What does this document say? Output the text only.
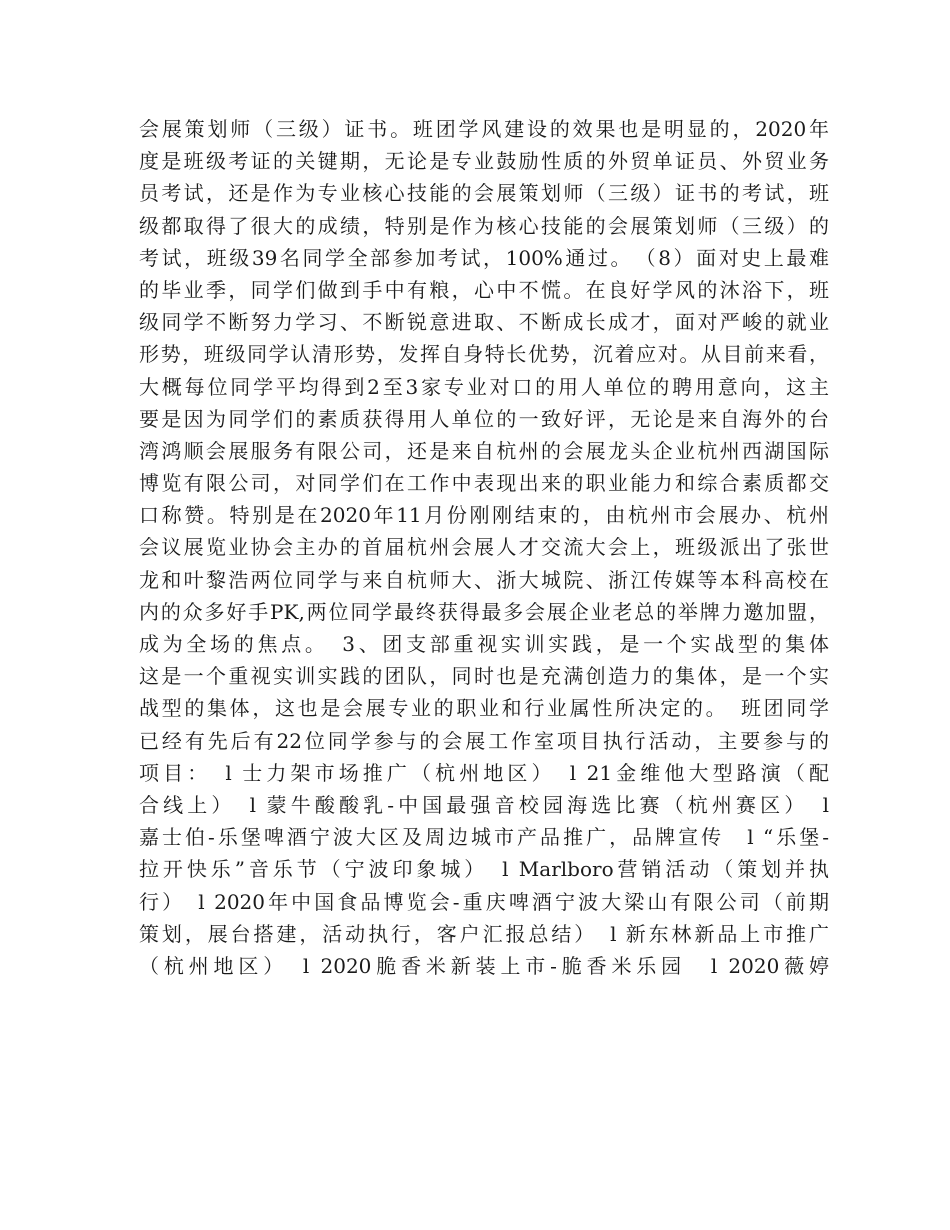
会展策划师（三级）证书。班团学风建设的效果也是明显的，2020年
度是班级考证的关键期，无论是专业鼓励性质的外贸单证员、外贸业务
员考试，还是作为专业核心技能的会展策划师（三级）证书的考试，班
级都取得了很大的成绩，特别是作为核心技能的会展策划师（三级）的
考试，班级39名同学全部参加考试，100%通过。　（8）面对史上最难
的毕业季，同学们做到手中有粮，心中不慌。在良好学风的沐浴下，班
级同学不断努力学习、不断锐意进取、不断成长成才，面对严峻的就业
形势，班级同学认清形势，发挥自身特长优势，沉着应对。从目前来看，
大概每位同学平均得到2至3家专业对口的用人单位的聘用意向，这主
要是因为同学们的素质获得用人单位的一致好评，无论是来自海外的台
湾鸿顺会展服务有限公司，还是来自杭州的会展龙头企业杭州西湖国际
博览有限公司，对同学们在工作中表现出来的职业能力和综合素质都交
口称赞。特别是在2020年11月份刚刚结束的，由杭州市会展办、杭州
会议展览业协会主办的首届杭州会展人才交流大会上，班级派出了张世
龙和叶黎浩两位同学与来自杭师大、浙大城院、浙江传媒等本科高校在
内的众多好手PK,两位同学最终获得最多会展企业老总的举牌力邀加盟，
成为全场的焦点。　3、团支部重视实训实践，是一个实战型的集体
这是一个重视实训实践的团队，同时也是充满创造力的集体，是一个实
战型的集体，这也是会展专业的职业和行业属性所决定的。　班团同学
已经有先后有22位同学参与的会展工作室项目执行活动，主要参与的
项目：　l 士力架市场推广（杭州地区）　l 21金维他大型路演（配
合线上）　l 蒙牛酸酸乳-中国最强音校园海选比赛（杭州赛区）　l
嘉士伯-乐堡啤酒宁波大区及周边城市产品推广，品牌宣传　l “乐堡-
拉开快乐”音乐节（宁波印象城）　l Marlboro营销活动（策划并执
行）　l 2020年中国食品博览会-重庆啤酒宁波大梁山有限公司（前期
策划，展台搭建，活动执行，客户汇报总结）　l 新东林新品上市推广
（杭州地区）　l 2020脆香米新装上市-脆香米乐园　l 2020薇婷
